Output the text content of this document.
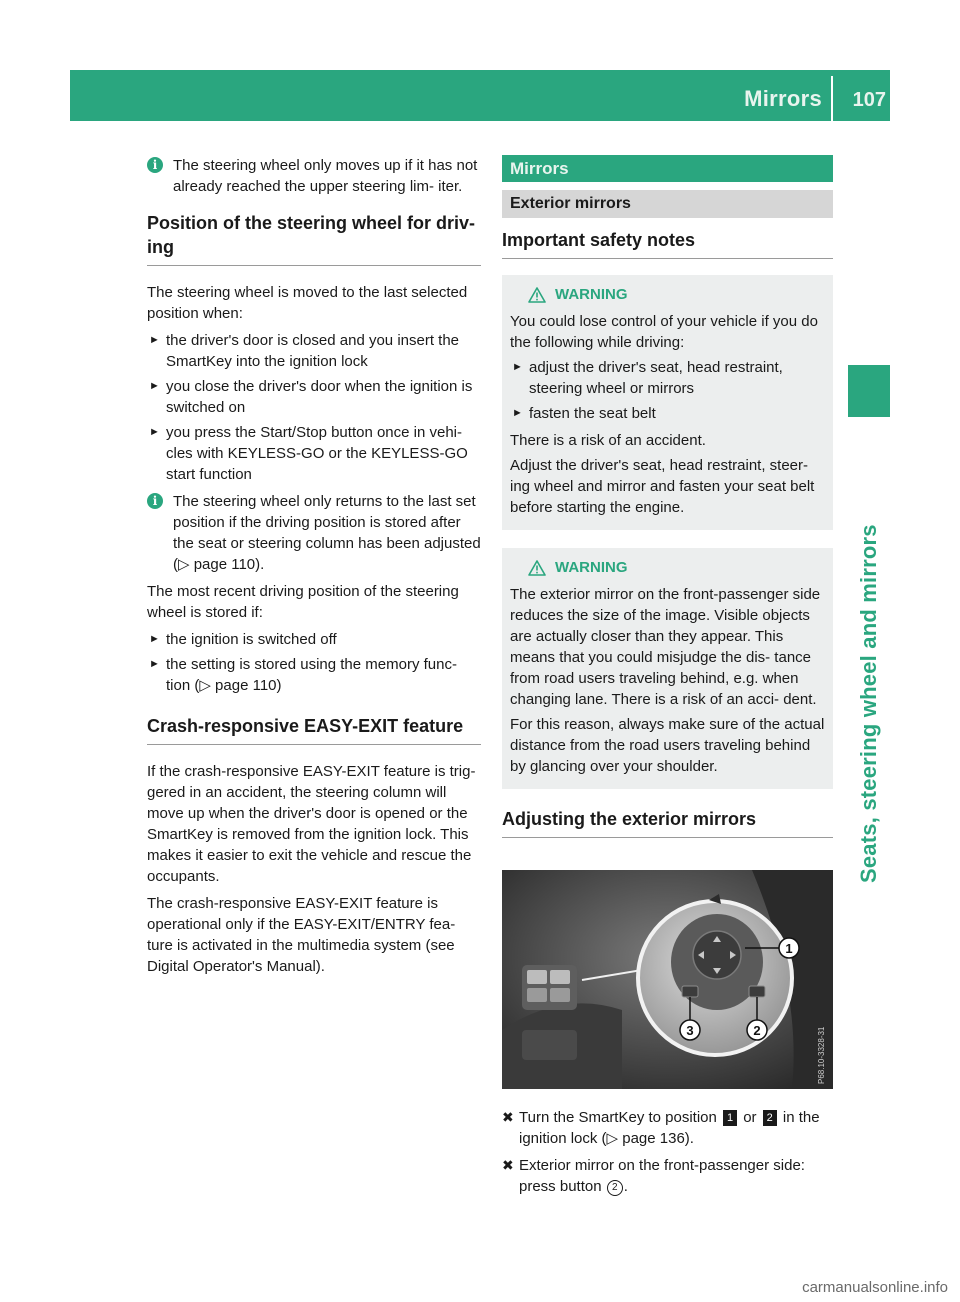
Mirrors 107
Seats, steering wheel and mirrors
i	The steering wheel only moves up if it has not already reached the upper steering lim- iter.
Position of the steering wheel for driv- ing

The steering wheel is moved to the last selected position when:

► the driver's door is closed and you insert the SmartKey into the ignition lock
► you close the driver's door when the ignition is switched on
► you press the Start/Stop button once in vehi- cles with KEYLESS-GO or the KEYLESS-GO start function
i	The steering wheel only returns to the last set position if the driving position is stored after the seat or steering column has been adjusted (▷ page 110).

The most recent driving position of the steering wheel is stored if:

► the ignition is switched off
► the setting is stored using the memory func- tion (▷ page 110)
Crash-responsive EASY-EXIT feature

If the crash-responsive EASY-EXIT feature is trig- gered in an accident, the steering column will move up when the driver's door is opened or the SmartKey is removed from the ignition lock. This makes it easier to exit the vehicle and rescue the occupants.

The crash-responsive EASY-EXIT feature is operational only if the EASY-EXIT/ENTRY fea- ture is activated in the multimedia system (see Digital Operator's Manual).

Mirrors
Exterior mirrors
Important safety notes
WARNING

You could lose control of your vehicle if you do the following while driving:

► adjust the driver's seat, head restraint, steering wheel or mirrors
► fasten the seat belt

There is a risk of an accident.

Adjust the driver's seat, head restraint, steer- ing wheel and mirror and fasten your seat belt before starting the engine.

WARNING

The exterior mirror on the front-passenger side reduces the size of the image. Visible objects are actually closer than they appear. This means that you could misjudge the dis- tance from road users traveling behind, e.g. when changing lane. There is a risk of an acci- dent.

For this reason, always make sure of the actual distance from the road users traveling behind by glancing over your shoulder.

Adjusting the exterior mirrors
1
3	2	P68.10-3328-31
✖ Turn the SmartKey to position 1 or 2 in the ignition lock (▷ page 136).
✖ Exterior mirror on the front-passenger side: press button 2 .
carmanualsonline.info
